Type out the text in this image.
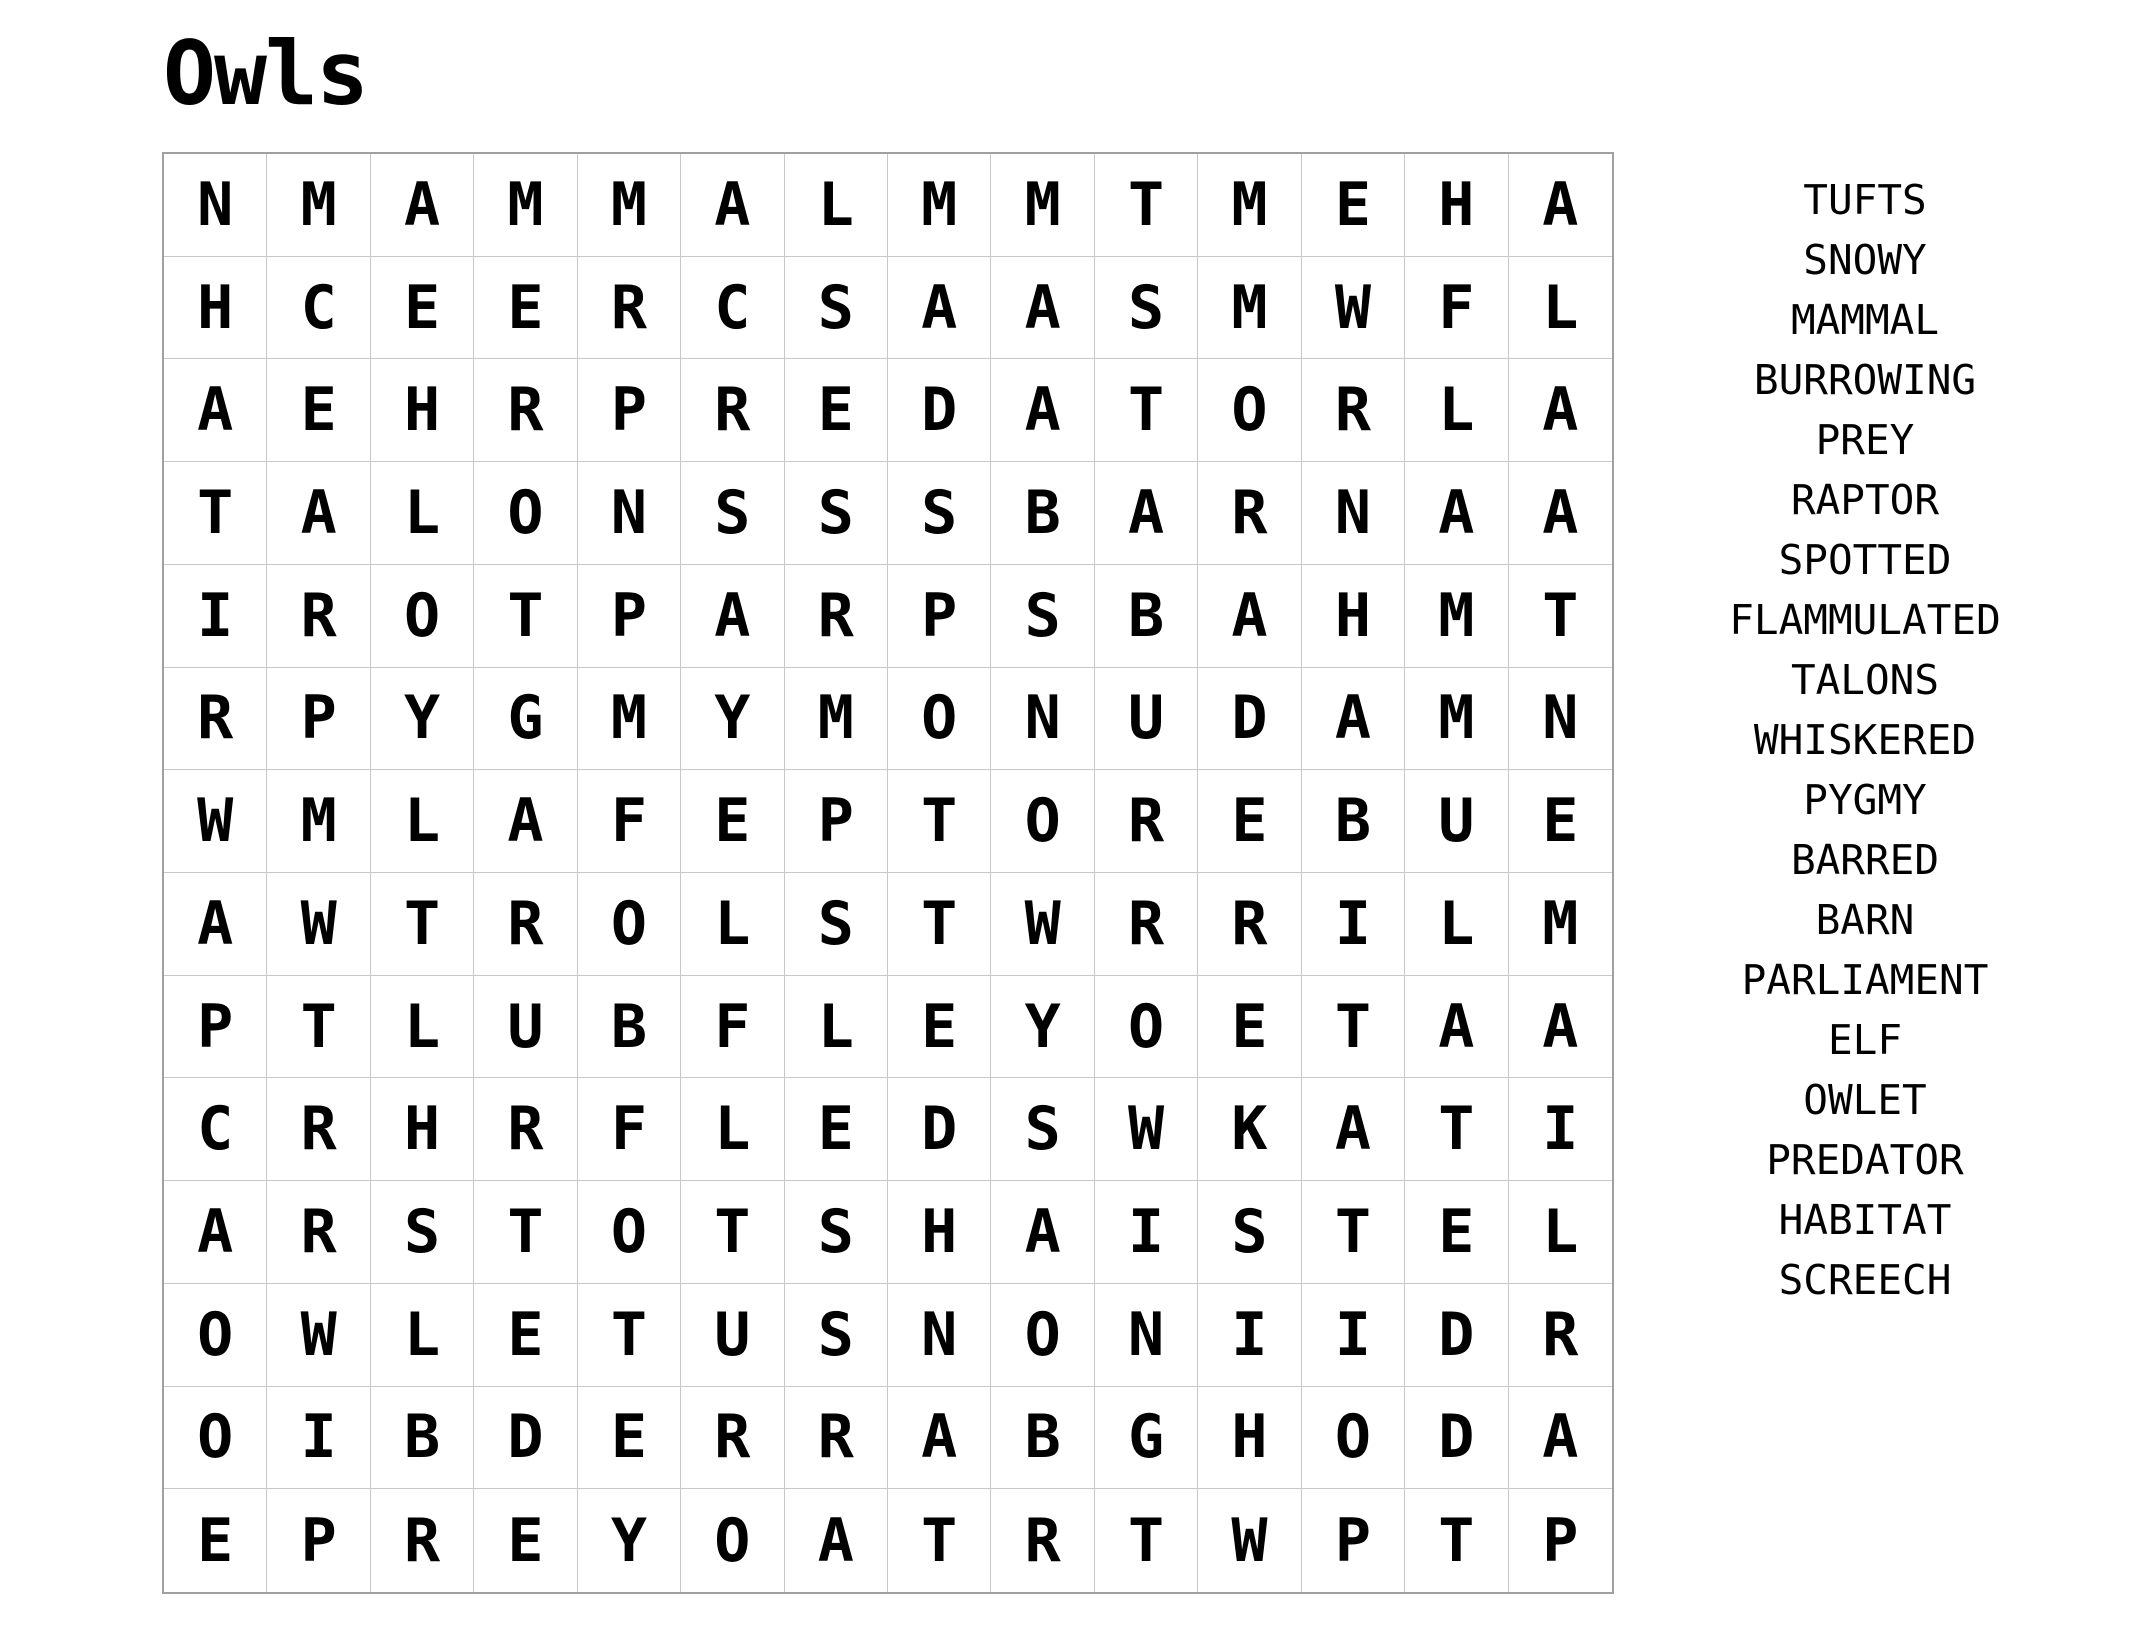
Owls
N	M	A	M	M	A	L	M	M	T	M	E	H	A
H	C	E	E	R	C	S	A	A	S	M	W	F	L
A	E	H	R	P	R	E	D	A	T	O	R	L	A
T	A	L	O	N	S	S	S	B	A	R	N	A	A
I	R	O	T	P	A	R	P	S	B	A	H	M	T
R	P	Y	G	M	Y	M	O	N	U	D	A	M	N
W	M	L	A	F	E	P	T	O	R	E	B	U	E
A	W	T	R	O	L	S	T	W	R	R	I	L	M
P	T	L	U	B	F	L	E	Y	O	E	T	A	A
C	R	H	R	F	L	E	D	S	W	K	A	T	I
A	R	S	T	O	T	S	H	A	I	S	T	E	L
O	W	L	E	T	U	S	N	O	N	I	I	D	R
O	I	B	D	E	R	R	A	B	G	H	O	D	A
E	P	R	E	Y	O	A	T	R	T	W	P	T	P
TUFTS
SNOWY
MAMMAL
BURROWING
PREY
RAPTOR
SPOTTED
FLAMMULATED
TALONS
WHISKERED
PYGMY
BARRED
BARN
PARLIAMENT
ELF
OWLET
PREDATOR
HABITAT
SCREECH
